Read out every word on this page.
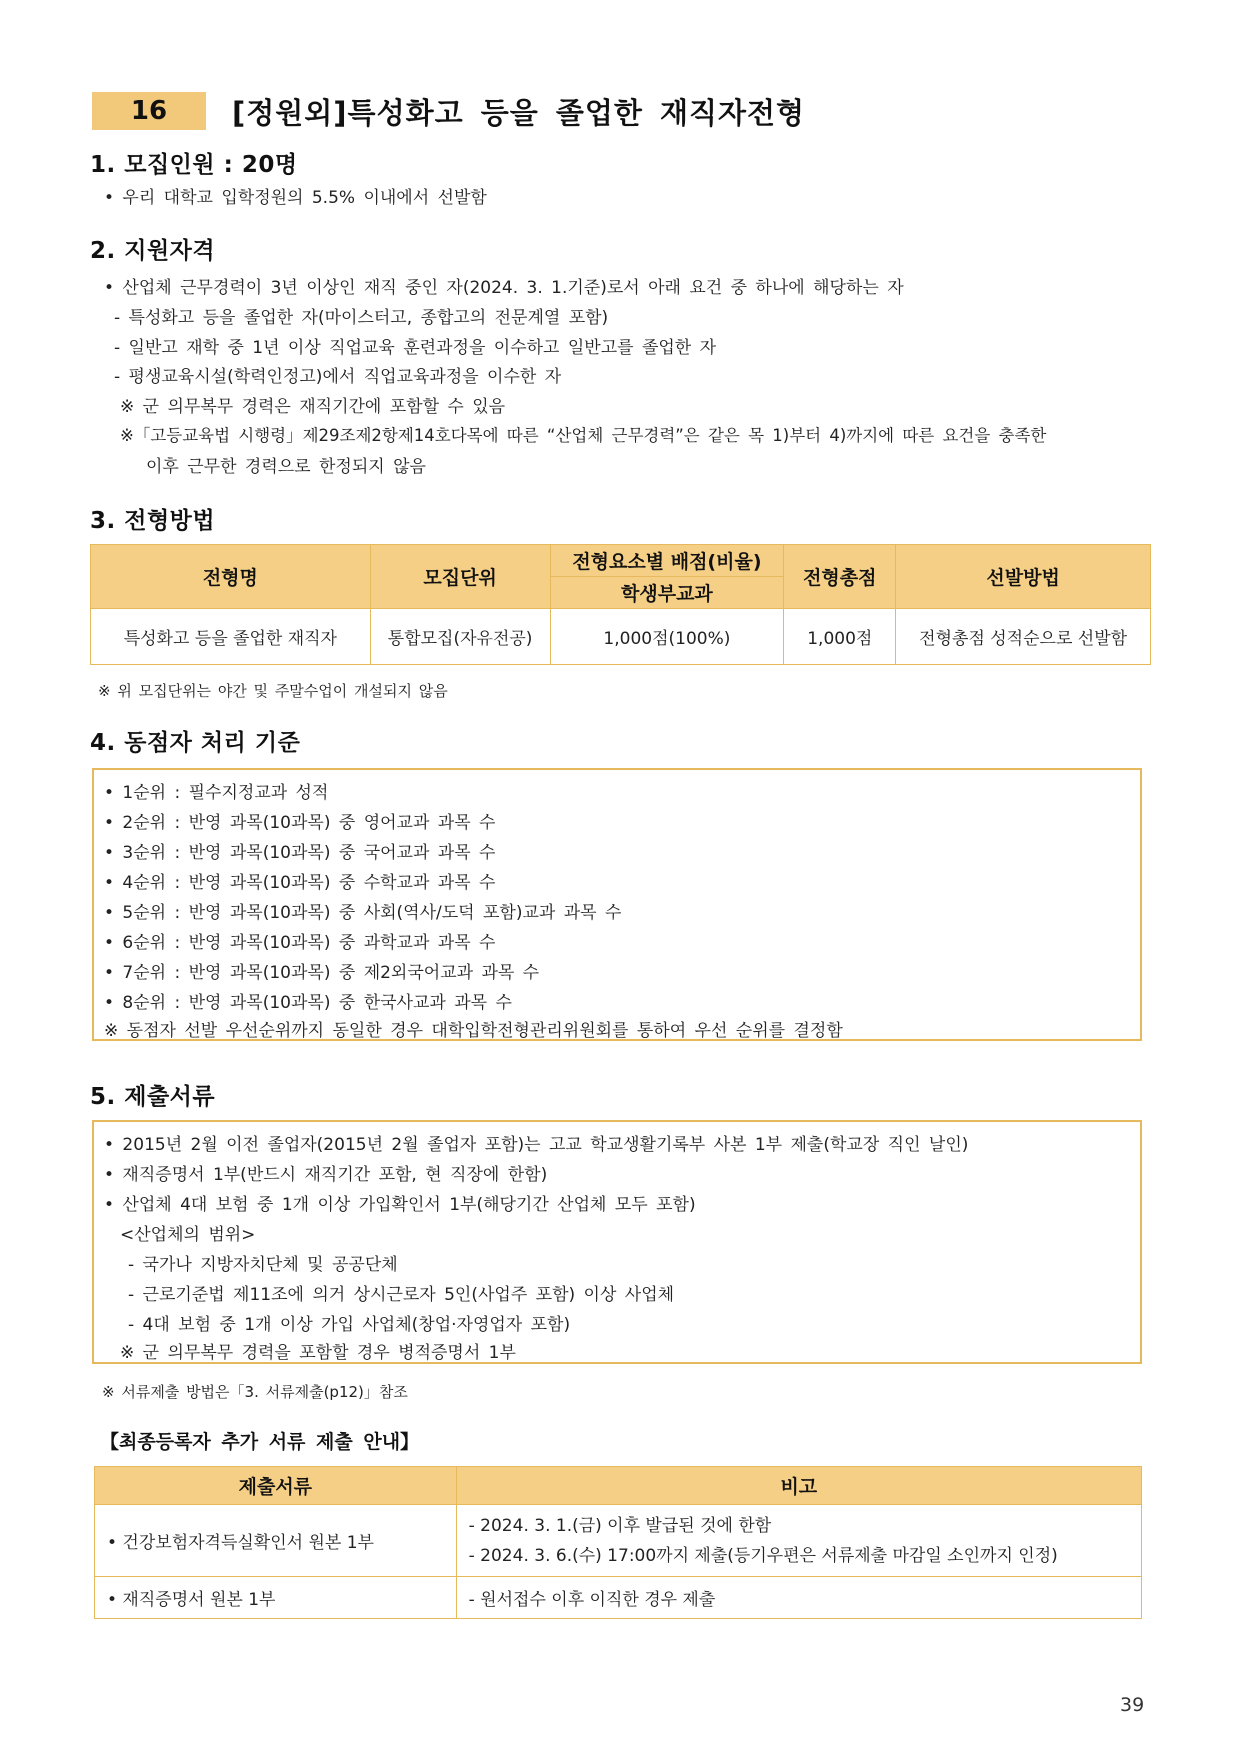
16	[정원외]특성화고 등을 졸업한 재직자전형
1. 모집인원 : 20명
• 우리 대학교 입학정원의 5.5% 이내에서 선발함
2. 지원자격
• 산업체 근무경력이 3년 이상인 재직 중인 자(2024. 3. 1.기준)로서 아래 요건 중 하나에 해당하는 자
- 특성화고 등을 졸업한 자(마이스터고, 종합고의 전문계열 포함)
- 일반고 재학 중 1년 이상 직업교육 훈련과정을 이수하고 일반고를 졸업한 자
- 평생교육시설(학력인정고)에서 직업교육과정을 이수한 자
※ 군 의무복무 경력은 재직기간에 포함할 수 있음
※「고등교육법 시행령」제29조제2항제14호다목에 따른 “산업체 근무경력”은 같은 목 1)부터 4)까지에 따른 요건을 충족한
이후 근무한 경력으로 한정되지 않음
3. 전형방법
전형명	모집단위	전형요소별 배점(비율)	전형총점	선발방법
		학생부교과		
특성화고 등을 졸업한 재직자	통합모집(자유전공)	1,000점(100%)	1,000점	전형총점 성적순으로 선발함
※ 위 모집단위는 야간 및 주말수업이 개설되지 않음
4. 동점자 처리 기준
• 1순위 : 필수지정교과 성적
• 2순위 : 반영 과목(10과목) 중 영어교과 과목 수
• 3순위 : 반영 과목(10과목) 중 국어교과 과목 수
• 4순위 : 반영 과목(10과목) 중 수학교과 과목 수
• 5순위 : 반영 과목(10과목) 중 사회(역사/도덕 포함)교과 과목 수
• 6순위 : 반영 과목(10과목) 중 과학교과 과목 수
• 7순위 : 반영 과목(10과목) 중 제2외국어교과 과목 수
• 8순위 : 반영 과목(10과목) 중 한국사교과 과목 수
※ 동점자 선발 우선순위까지 동일한 경우 대학입학전형관리위원회를 통하여 우선 순위를 결정함
5. 제출서류
• 2015년 2월 이전 졸업자(2015년 2월 졸업자 포함)는 고교 학교생활기록부 사본 1부 제출(학교장 직인 날인)
• 재직증명서 1부(반드시 재직기간 포함, 현 직장에 한함)
• 산업체 4대 보험 중 1개 이상 가입확인서 1부(해당기간 산업체 모두 포함)
<산업체의 범위>
- 국가나 지방자치단체 및 공공단체
- 근로기준법 제11조에 의거 상시근로자 5인(사업주 포함) 이상 사업체
- 4대 보험 중 1개 이상 가입 사업체(창업·자영업자 포함)
※ 군 의무복무 경력을 포함할 경우 병적증명서 1부
※ 서류제출 방법은「3. 서류제출(p12)」참조
【최종등록자 추가 서류 제출 안내】
제출서류	비고
• 건강보험자격득실확인서 원본 1부	- 2024. 3. 1.(금) 이후 발급된 것에 한함
- 2024. 3. 6.(수) 17:00까지 제출(등기우편은 서류제출 마감일 소인까지 인정)

• 재직증명서 원본 1부	- 원서접수 이후 이직한 경우 제출
39
